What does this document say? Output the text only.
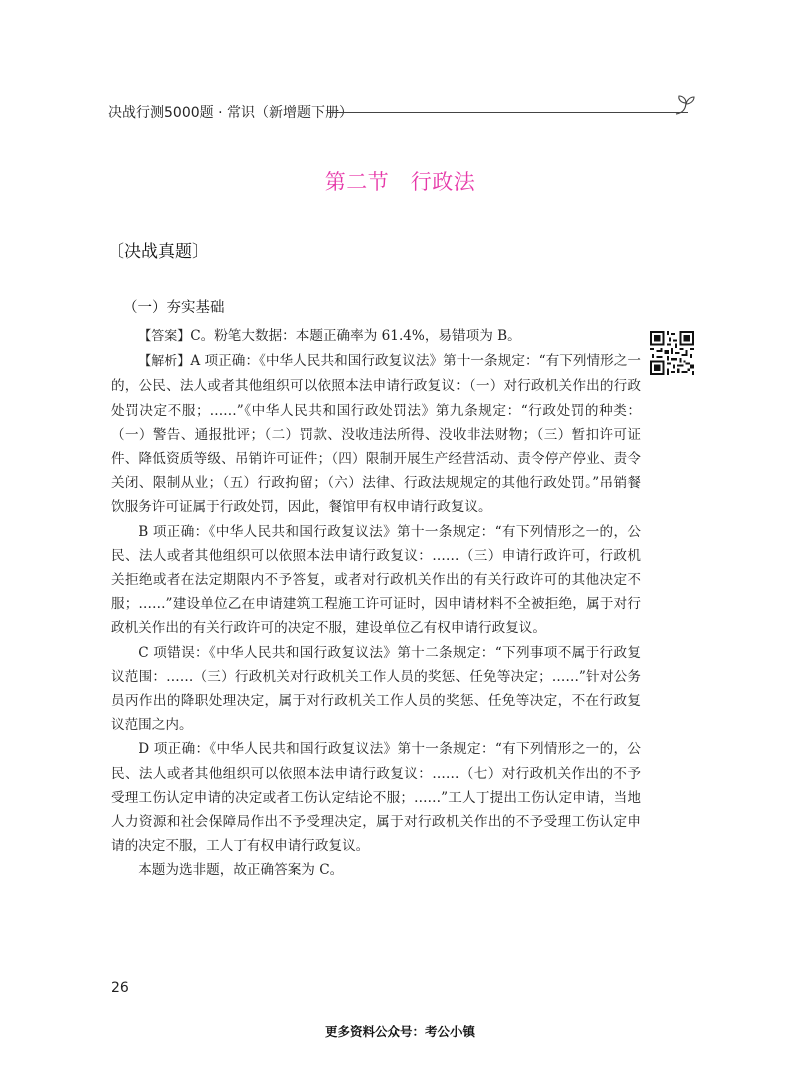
决战行测5000题 · 常识（新增题下册）
第二节　行政法
〔决战真题〕
（一）夯实基础

【答案】C。粉笔大数据：本题正确率为 61.4%，易错项为 B。

【解析】A 项正确：《中华人民共和国行政复议法》第十一条规定：“有下列情形之一的，公民、法人或者其他组织可以依照本法申请行政复议：（一）对行政机关作出的行政处罚决定不服；……”《中华人民共和国行政处罚法》第九条规定：“行政处罚的种类：（一）警告、通报批评；（二）罚款、没收违法所得、没收非法财物；（三）暂扣许可证件、降低资质等级、吊销许可证件；（四）限制开展生产经营活动、责令停产停业、责令关闭、限制从业；（五）行政拘留；（六）法律、行政法规规定的其他行政处罚。”吊销餐饮服务许可证属于行政处罚，因此，餐馆甲有权申请行政复议。

B 项正确：《中华人民共和国行政复议法》第十一条规定：“有下列情形之一的，公民、法人或者其他组织可以依照本法申请行政复议：……（三）申请行政许可，行政机关拒绝或者在法定期限内不予答复，或者对行政机关作出的有关行政许可的其他决定不服；……”建设单位乙在申请建筑工程施工许可证时，因申请材料不全被拒绝，属于对行政机关作出的有关行政许可的决定不服，建设单位乙有权申请行政复议。

C 项错误：《中华人民共和国行政复议法》第十二条规定：“下列事项不属于行政复议范围：……（三）行政机关对行政机关工作人员的奖惩、任免等决定；……”针对公务员丙作出的降职处理决定，属于对行政机关工作人员的奖惩、任免等决定，不在行政复议范围之内。

D 项正确：《中华人民共和国行政复议法》第十一条规定：“有下列情形之一的，公民、法人或者其他组织可以依照本法申请行政复议：……（七）对行政机关作出的不予受理工伤认定申请的决定或者工伤认定结论不服；……”工人丁提出工伤认定申请，当地人力资源和社会保障局作出不予受理决定，属于对行政机关作出的不予受理工伤认定申请的决定不服，工人丁有权申请行政复议。

本题为选非题，故正确答案为 C。

26
更多资料公众号：考公小镇
